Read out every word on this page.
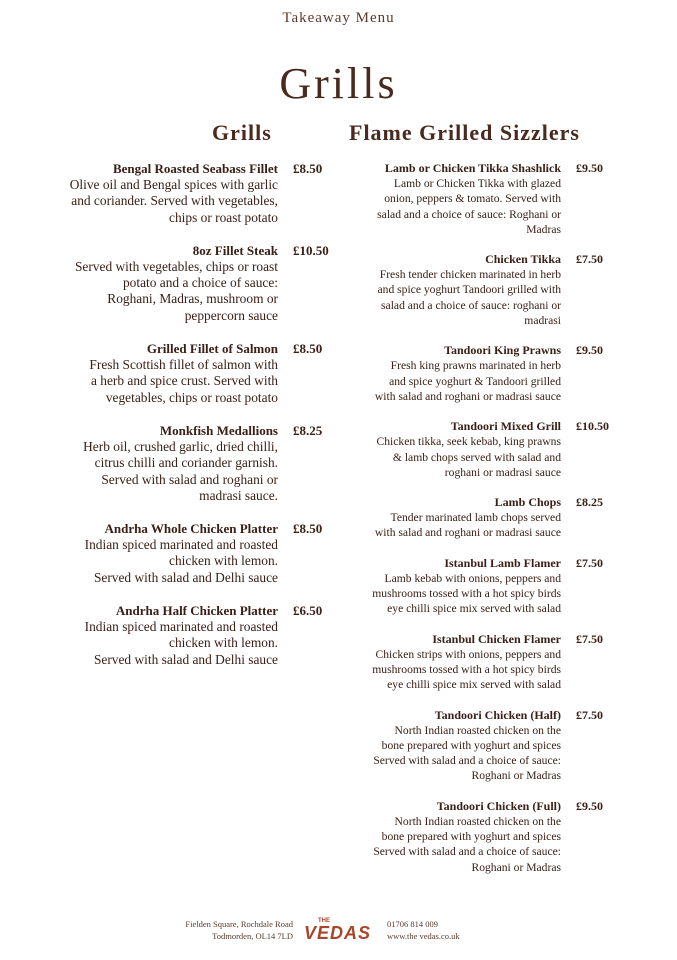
Takeaway Menu
Grills
Grills	Flame Grilled Sizzlers
Bengal Roasted Seabass Fillet
Olive oil and Bengal spices with garlic
and coriander. Served with vegetables,
chips or roast potato
£8.50
8oz Fillet Steak
Served with vegetables, chips or roast
potato and a choice of sauce:
Roghani, Madras, mushroom or
peppercorn sauce
£10.50
Grilled Fillet of Salmon
Fresh Scottish fillet of salmon with
a herb and spice crust. Served with
vegetables, chips or roast potato
£8.50
Monkfish Medallions
Herb oil, crushed garlic, dried chilli,
citrus chilli and coriander garnish.
Served with salad and roghani or
madrasi sauce.
£8.25
Andrha Whole Chicken Platter
Indian spiced marinated and roasted
chicken with lemon.
Served with salad and Delhi sauce
£8.50
Andrha Half Chicken Platter
Indian spiced marinated and roasted
chicken with lemon.
Served with salad and Delhi sauce
£6.50
Lamb or Chicken Tikka Shashlick
Lamb or Chicken Tikka with glazed
onion, peppers & tomato. Served with
salad and a choice of sauce: Roghani or
Madras
£9.50
Chicken Tikka
Fresh tender chicken marinated in herb
and spice yoghurt Tandoori grilled with
salad and a choice of sauce: roghani or
madrasi
£7.50
Tandoori King Prawns
Fresh king prawns marinated in herb
and spice yoghurt & Tandoori grilled
with salad and roghani or madrasi sauce
£9.50
Tandoori Mixed Grill
Chicken tikka, seek kebab, king prawns
& lamb chops served with salad and
roghani or madrasi sauce
£10.50
Lamb Chops
Tender marinated lamb chops served
with salad and roghani or madrasi sauce
£8.25
Istanbul Lamb Flamer
Lamb kebab with onions, peppers and
mushrooms tossed with a hot spicy birds
eye chilli spice mix served with salad
£7.50
Istanbul Chicken Flamer
Chicken strips with onions, peppers and
mushrooms tossed with a hot spicy birds
eye chilli spice mix served with salad
£7.50
Tandoori Chicken (Half)
North Indian roasted chicken on the
bone prepared with yoghurt and spices
Served with salad and a choice of sauce:
Roghani or Madras
£7.50
Tandoori Chicken (Full)
North Indian roasted chicken on the
bone prepared with yoghurt and spices
Served with salad and a choice of sauce:
Roghani or Madras
£9.50
Fielden Square, Rochdale Road
Todmorden, OL14 7LD
THE
VEDAS 01706 814 009
www.the vedas.co.uk
